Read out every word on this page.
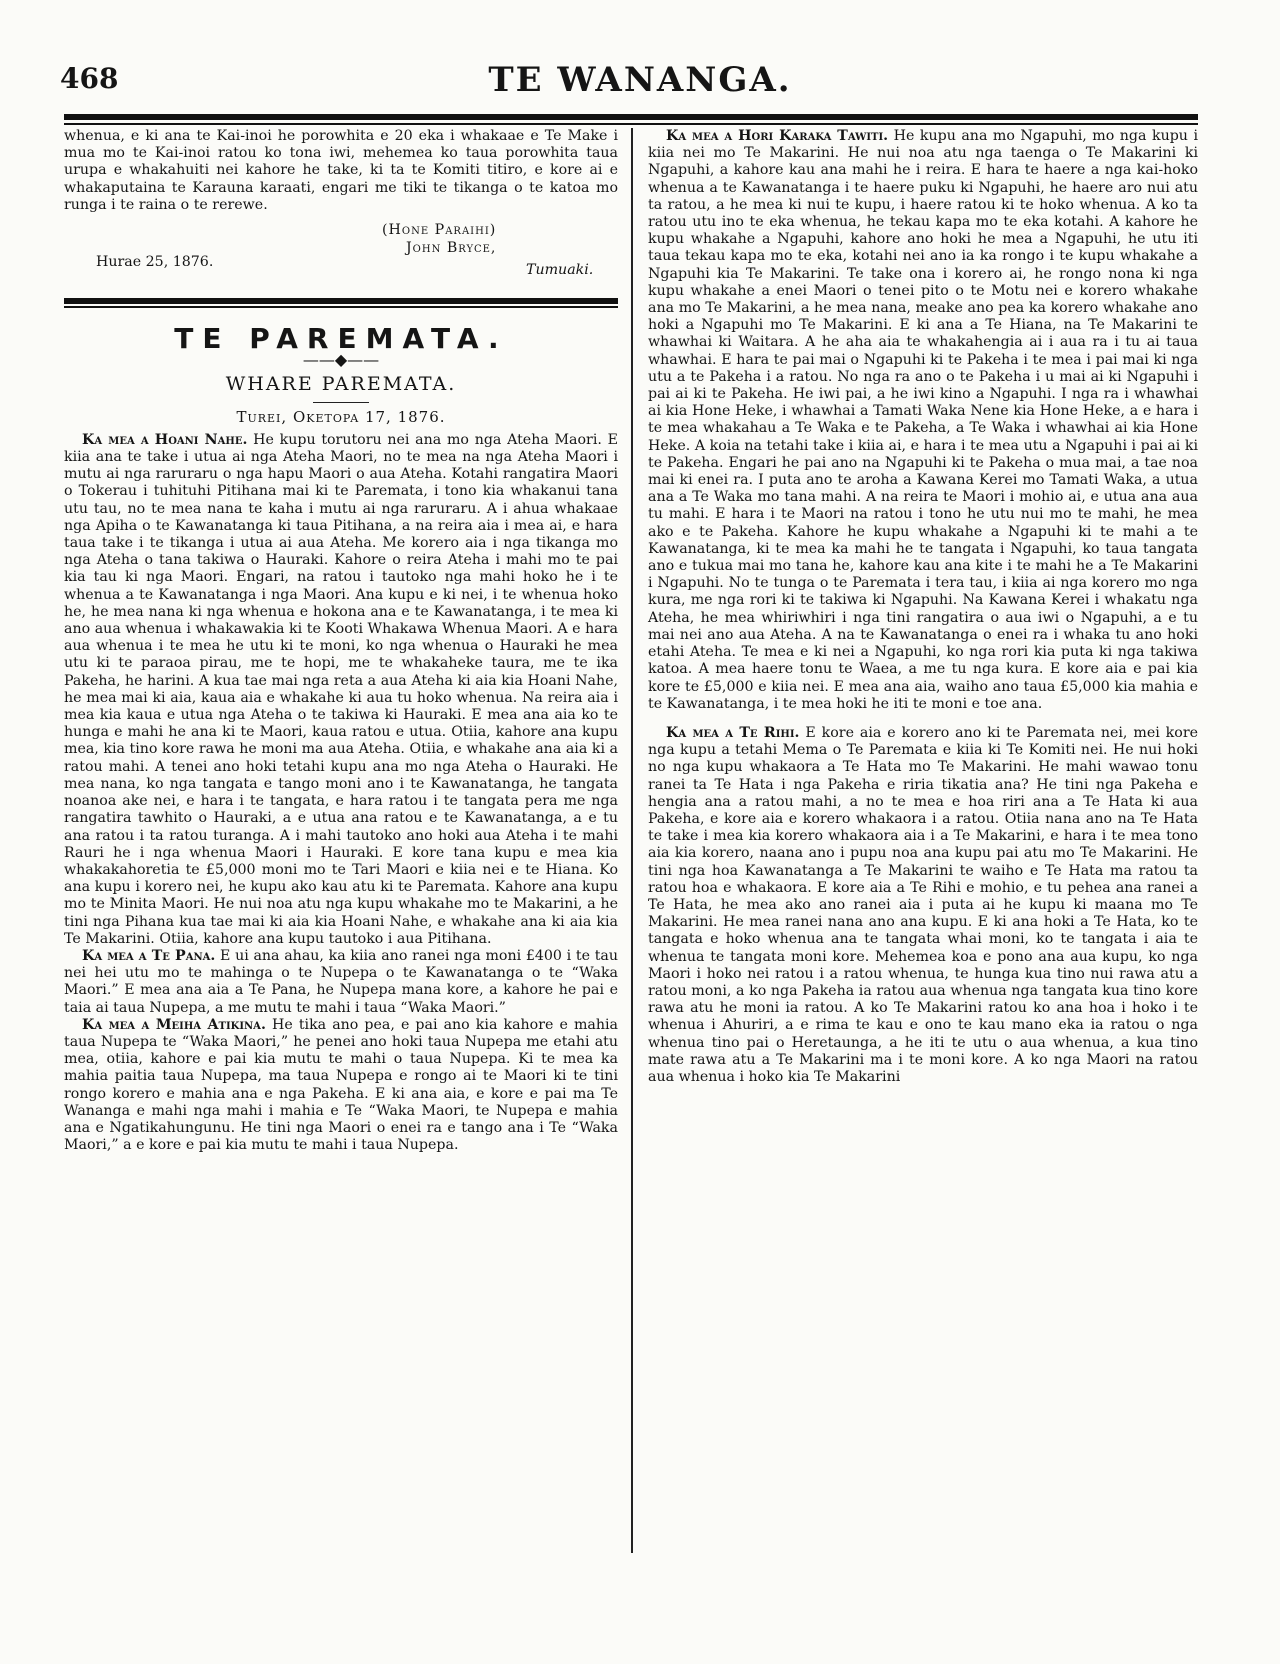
468	TE WANANGA.

whenua, e ki ana te Kai-inoi he porowhita e 20 eka i whakaae e Te Make i mua mo te Kai-inoi ratou ko tona iwi, mehemea ko taua porowhita taua urupa e whakahuiti nei kahore he take, ki ta te Komiti titiro, e kore ai e whakaputaina te Karauna karaati, engari me tiki te tikanga o te katoa mo runga i te raina o te rerewe.

(Hone Paraihi)
John Bryce,
Hurae 25, 1876.	Tumuaki.
TE PAREMATA.
——◆——
WHARE PAREMATA.
Turei, Oketopa 17, 1876.

Ka mea a Hoani Nahe. He kupu torutoru nei ana mo nga Ateha Maori. E kiia ana te take i utua ai nga Ateha Maori, no te mea na nga Ateha Maori i mutu ai nga raruraru o nga hapu Maori o aua Ateha. Kotahi rangatira Maori o Tokerau i tuhituhi Pitihana mai ki te Paremata, i tono kia whakanui tana utu tau, no te mea nana te kaha i mutu ai nga raruraru. A i ahua whakaae nga Apiha o te Kawanatanga ki taua Pitihana, a na reira aia i mea ai, e hara taua take i te tikanga i utua ai aua Ateha. Me korero aia i nga tikanga mo nga Ateha o tana takiwa o Hauraki. Kahore o reira Ateha i mahi mo te pai kia tau ki nga Maori. Engari, na ratou i tautoko nga mahi hoko he i te whenua a te Kawanatanga i nga Maori. Ana kupu e ki nei, i te whenua hoko he, he mea nana ki nga whenua e hokona ana e te Kawanatanga, i te mea ki ano aua whenua i whakawakia ki te Kooti Whakawa Whenua Maori. A e hara aua whenua i te mea he utu ki te moni, ko nga whenua o Hauraki he mea utu ki te paraoa pirau, me te hopi, me te whakaheke taura, me te ika Pakeha, he harini. A kua tae mai nga reta a aua Ateha ki aia kia Hoani Nahe, he mea mai ki aia, kaua aia e whakahe ki aua tu hoko whenua. Na reira aia i mea kia kaua e utua nga Ateha o te takiwa ki Hauraki. E mea ana aia ko te hunga e mahi he ana ki te Maori, kaua ratou e utua. Otiia, kahore ana kupu mea, kia tino kore rawa he moni ma aua Ateha. Otiia, e whakahe ana aia ki a ratou mahi. A tenei ano hoki tetahi kupu ana mo nga Ateha o Hauraki. He mea nana, ko nga tangata e tango moni ano i te Kawanatanga, he tangata noanoa ake nei, e hara i te tangata, e hara ratou i te tangata pera me nga rangatira tawhito o Hauraki, a e utua ana ratou e te Kawanatanga, a e tu ana ratou i ta ratou turanga. A i mahi tautoko ano hoki aua Ateha i te mahi Rauri he i nga whenua Maori i Hauraki. E kore tana kupu e mea kia whakakahoretia te £5,000 moni mo te Tari Maori e kiia nei e te Hiana. Ko ana kupu i korero nei, he kupu ako kau atu ki te Paremata. Kahore ana kupu mo te Minita Maori. He nui noa atu nga kupu whakahe mo te Makarini, a he tini nga Pihana kua tae mai ki aia kia Hoani Nahe, e whakahe ana ki aia kia Te Makarini. Otiia, kahore ana kupu tautoko i aua Pitihana.

Ka mea a Te Pana. E ui ana ahau, ka kiia ano ranei nga moni £400 i te tau nei hei utu mo te mahinga o te Nupepa o te Kawanatanga o te “Waka Maori.” E mea ana aia a Te Pana, he Nupepa mana kore, a kahore he pai e taia ai taua Nupepa, a me mutu te mahi i taua “Waka Maori.”

Ka mea a Meiha Atikina. He tika ano pea, e pai ano kia kahore e mahia taua Nupepa te “Waka Maori,” he penei ano hoki taua Nupepa me etahi atu mea, otiia, kahore e pai kia mutu te mahi o taua Nupepa. Ki te mea ka mahia paitia taua Nupepa, ma taua Nupepa e rongo ai te Maori ki te tini rongo korero e mahia ana e nga Pakeha. E ki ana aia, e kore e pai ma Te Wananga e mahi nga mahi i mahia e Te “Waka Maori, te Nupepa e mahia ana e Ngatikahungunu. He tini nga Maori o enei ra e tango ana i Te “Waka Maori,” a e kore e pai kia mutu te mahi i taua Nupepa.

Ka mea a Hori Karaka Tawiti. He kupu ana mo Ngapuhi, mo nga kupu i kiia nei mo Te Makarini. He nui noa atu nga taenga o Te Makarini ki Ngapuhi, a kahore kau ana mahi he i reira. E hara te haere a nga kai-hoko whenua a te Kawanatanga i te haere puku ki Ngapuhi, he haere aro nui atu ta ratou, a he mea ki nui te kupu, i haere ratou ki te hoko whenua. A ko ta ratou utu ino te eka whenua, he tekau kapa mo te eka kotahi. A kahore he kupu whakahe a Ngapuhi, kahore ano hoki he mea a Ngapuhi, he utu iti taua tekau kapa mo te eka, kotahi nei ano ia ka rongo i te kupu whakahe a Ngapuhi kia Te Makarini. Te take ona i korero ai, he rongo nona ki nga kupu whakahe a enei Maori o tenei pito o te Motu nei e korero whakahe ana mo Te Makarini, a he mea nana, meake ano pea ka korero whakahe ano hoki a Ngapuhi mo Te Makarini. E ki ana a Te Hiana, na Te Makarini te whawhai ki Waitara. A he aha aia te whakahengia ai i aua ra i tu ai taua whawhai. E hara te pai mai o Ngapuhi ki te Pakeha i te mea i pai mai ki nga utu a te Pakeha i a ratou. No nga ra ano o te Pakeha i u mai ai ki Ngapuhi i pai ai ki te Pakeha. He iwi pai, a he iwi kino a Ngapuhi. I nga ra i whawhai ai kia Hone Heke, i whawhai a Tamati Waka Nene kia Hone Heke, a e hara i te mea whakahau a Te Waka e te Pakeha, a Te Waka i whawhai ai kia Hone Heke. A koia na tetahi take i kiia ai, e hara i te mea utu a Ngapuhi i pai ai ki te Pakeha. Engari he pai ano na Ngapuhi ki te Pakeha o mua mai, a tae noa mai ki enei ra. I puta ano te aroha a Kawana Kerei mo Tamati Waka, a utua ana a Te Waka mo tana mahi. A na reira te Maori i mohio ai, e utua ana aua tu mahi. E hara i te Maori na ratou i tono he utu nui mo te mahi, he mea ako e te Pakeha. Kahore he kupu whakahe a Ngapuhi ki te mahi a te Kawanatanga, ki te mea ka mahi he te tangata i Ngapuhi, ko taua tangata ano e tukua mai mo tana he, kahore kau ana kite i te mahi he a Te Makarini i Ngapuhi. No te tunga o te Paremata i tera tau, i kiia ai nga korero mo nga kura, me nga rori ki te takiwa ki Ngapuhi. Na Kawana Kerei i whakatu nga Ateha, he mea whiriwhiri i nga tini rangatira o aua iwi o Ngapuhi, a e tu mai nei ano aua Ateha. A na te Kawanatanga o enei ra i whaka tu ano hoki etahi Ateha. Te mea e ki nei a Ngapuhi, ko nga rori kia puta ki nga takiwa katoa. A mea haere tonu te Waea, a me tu nga kura. E kore aia e pai kia kore te £5,000 e kiia nei. E mea ana aia, waiho ano taua £5,000 kia mahia e te Kawanatanga, i te mea hoki he iti te moni e toe ana.

Ka mea a Te Rihi. E kore aia e korero ano ki te Paremata nei, mei kore nga kupu a tetahi Mema o Te Paremata e kiia ki Te Komiti nei. He nui hoki no nga kupu whakaora a Te Hata mo Te Makarini. He mahi wawao tonu ranei ta Te Hata i nga Pakeha e riria tikatia ana? He tini nga Pakeha e hengia ana a ratou mahi, a no te mea e hoa riri ana a Te Hata ki aua Pakeha, e kore aia e korero whakaora i a ratou. Otiia nana ano na Te Hata te take i mea kia korero whakaora aia i a Te Makarini, e hara i te mea tono aia kia korero, naana ano i pupu noa ana kupu pai atu mo Te Makarini. He tini nga hoa Kawanatanga a Te Makarini te waiho e Te Hata ma ratou ta ratou hoa e whakaora. E kore aia a Te Rihi e mohio, e tu pehea ana ranei a Te Hata, he mea ako ano ranei aia i puta ai he kupu ki maana mo Te Makarini. He mea ranei nana ano ana kupu. E ki ana hoki a Te Hata, ko te tangata e hoko whenua ana te tangata whai moni, ko te tangata i aia te whenua te tangata moni kore. Mehemea koa e pono ana aua kupu, ko nga Maori i hoko nei ratou i a ratou whenua, te hunga kua tino nui rawa atu a ratou moni, a ko nga Pakeha ia ratou aua whenua nga tangata kua tino kore rawa atu he moni ia ratou. A ko Te Makarini ratou ko ana hoa i hoko i te whenua i Ahuriri, a e rima te kau e ono te kau mano eka ia ratou o nga whenua tino pai o Heretaunga, a he iti te utu o aua whenua, a kua tino mate rawa atu a Te Makarini ma i te moni kore. A ko nga Maori na ratou aua whenua i hoko kia Te Makarini
